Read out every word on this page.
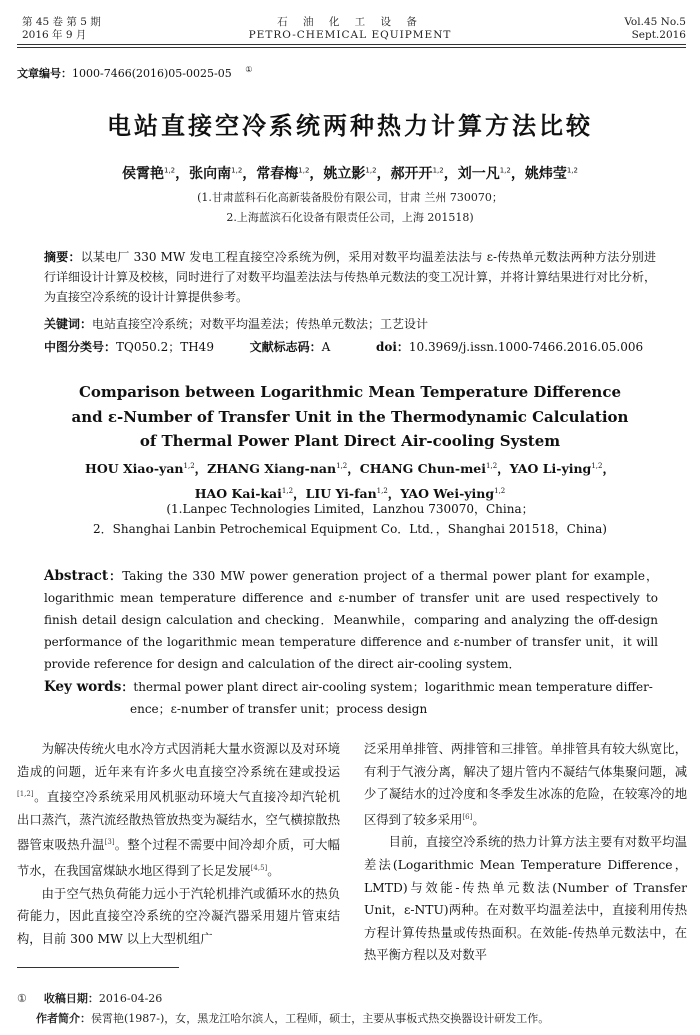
第 45 卷 第 5 期
2016 年 9 月
石 油 化 工 设 备
PETRO-CHEMICAL EQUIPMENT
Vol.45 No.5
Sept.2016
文章编号：1000-7466(2016)05-0025-05 ①
电站直接空冷系统两种热力计算方法比较
侯霄艳$^{1,2}$，张向南$^{1,2}$，常春梅$^{1,2}$，姚立影$^{1,2}$，郝开开$^{1,2}$，刘一凡$^{1,2}$，姚炜莹$^{1,2}$
(1.甘肃蓝科石化高新装备股份有限公司，甘肃 兰州 730070；
2.上海蓝滨石化设备有限责任公司，上海 201518)
摘要：以某电厂 330 MW 发电工程直接空冷系统为例，采用对数平均温差法法与 ε-传热单元数法两种方法分别进行详细设计计算及校核，同时进行了对数平均温差法法与传热单元数法的变工况计算，并将计算结果进行对比分析，为直接空冷系统的设计计算提供参考。
关键词：电站直接空冷系统；对数平均温差法；传热单元数法；工艺设计
中图分类号：TQ050.2；TH49	文献标志码：A	doi：10.3969/j.issn.1000-7466.2016.05.006
Comparison between Logarithmic Mean Temperature Difference
and ε-Number of Transfer Unit in the Thermodynamic Calculation
of Thermal Power Plant Direct Air-cooling System
HOU Xiao-yan$^{1,2}$，ZHANG Xiang-nan$^{1,2}$，CHANG Chun-mei$^{1,2}$，YAO Li-ying$^{1,2}$，
HAO Kai-kai$^{1,2}$，LIU Yi-fan$^{1,2}$，YAO Wei-ying$^{1,2}$
(1.Lanpec Technologies Limited，Lanzhou 730070，China；
2．Shanghai Lanbin Petrochemical Equipment Co．Ltd．，Shanghai 201518，China)
Abstract：Taking the 330 MW power generation project of a thermal power plant for example， logarithmic mean temperature difference and ε-number of transfer unit are used respectively to finish detail design calculation and checking．Meanwhile，comparing and analyzing the off-design performance of the logarithmic mean temperature difference and ε-number of transfer unit，it will provide reference for design and calculation of the direct air-cooling system．
Key words：thermal power plant direct air-cooling system；logarithmic mean temperature differ-
ence；ε-number of transfer unit；process design

为解决传统火电水冷方式因消耗大量水资源以及对环境造成的问题，近年来有许多火电直接空冷系统在建或投运[1,2]。直接空冷系统采用风机驱动环境大气直接冷却汽轮机出口蒸汽，蒸汽流经散热管放热变为凝结水，空气横掠散热器管束吸热升温[3]。整个过程不需要中间冷却介质，可大幅节水，在我国富煤缺水地区得到了长足发展[4,5]。

由于空气热负荷能力远小于汽轮机排汽或循环水的热负荷能力，因此直接空冷系统的空冷凝汽器采用翅片管束结构，目前 300 MW 以上大型机组广

泛采用单排管、两排管和三排管。单排管具有较大纵宽比，有利于气液分离，解决了翅片管内不凝结气体集聚问题，减少了凝结水的过冷度和冬季发生冰冻的危险，在较寒冷的地区得到了较多采用[6]。

目前，直接空冷系统的热力计算方法主要有对数平均温差法(Logarithmic Mean Temperature Difference，LMTD)与效能-传热单元数法(Number of Transfer Unit，ε-NTU)两种。在对数平均温差法中，直接利用传热方程计算传热量或传热面积。在效能-传热单元数法中，在热平衡方程以及对数平

① 收稿日期：2016-04-26
作者简介：侯霄艳(1987-)，女，黑龙江哈尔滨人，工程师，硕士，主要从事板式热交换器设计研发工作。
